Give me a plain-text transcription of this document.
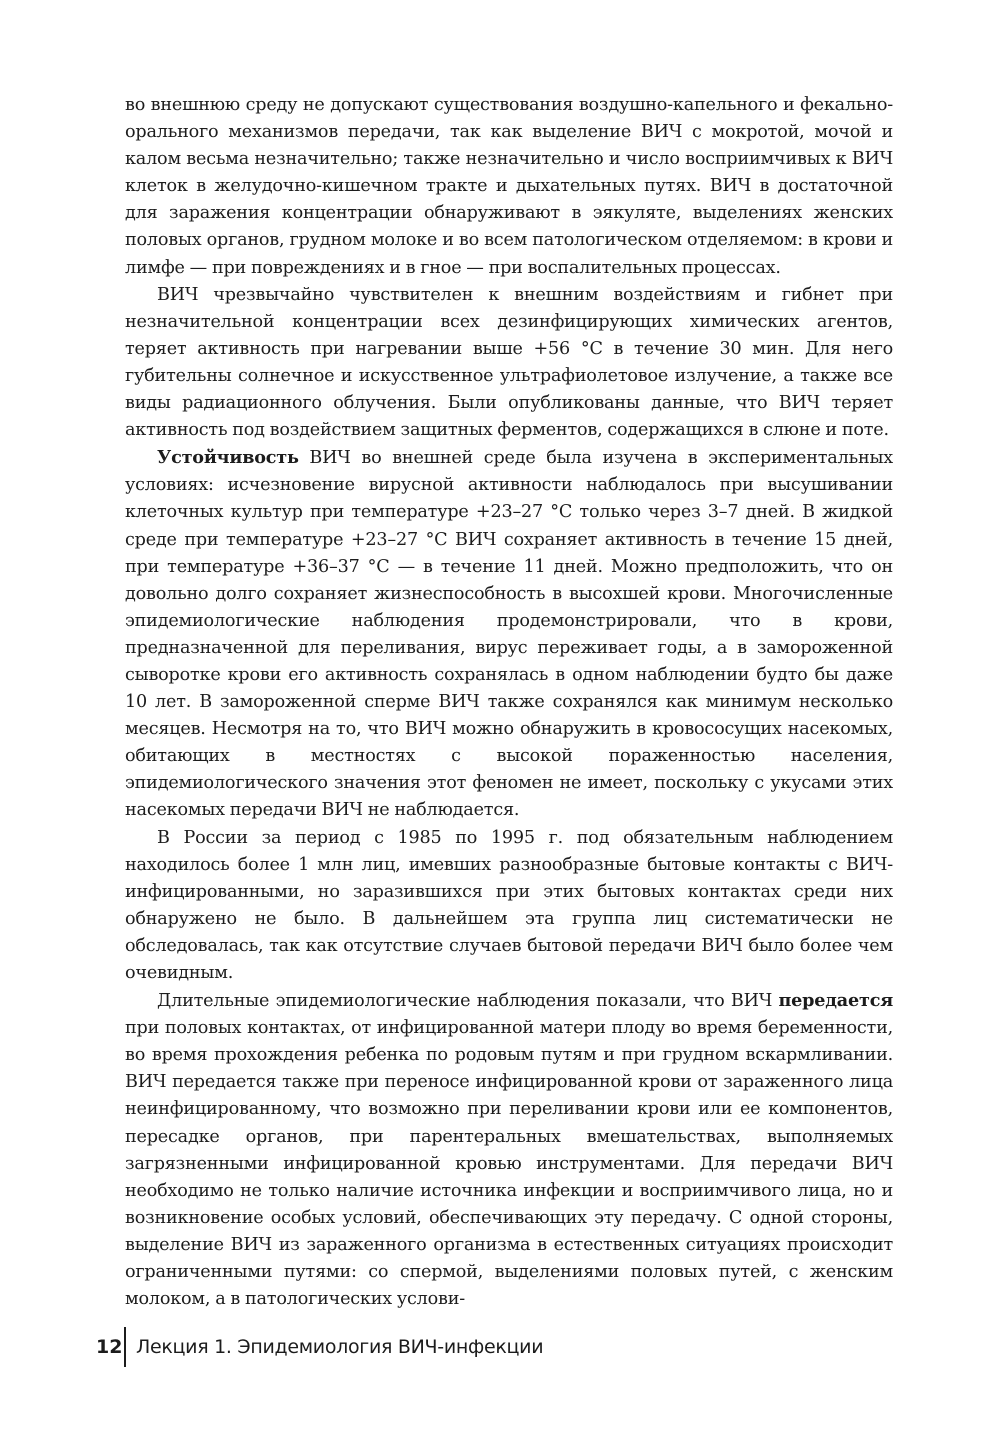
во внешнюю среду не допускают существования воздушно-капельного и фекально-орального механизмов передачи, так как выделение ВИЧ с мокротой, мочой и калом весьма незначительно; также незначительно и число восприимчивых к ВИЧ клеток в желудочно-кишечном тракте и дыхательных путях. ВИЧ в достаточной для заражения концентрации обнаруживают в эякуляте, выделениях женских половых органов, грудном молоке и во всем патологическом отделяемом: в крови и лимфе — при повреждениях и в гное — при воспалительных процессах.

ВИЧ чрезвычайно чувствителен к внешним воздействиям и гибнет при незначительной концентрации всех дезинфицирующих химических агентов, теряет активность при нагревании выше +56 °C в течение 30 мин. Для него губительны солнечное и искусственное ультрафиолетовое излучение, а также все виды радиационного облучения. Были опубликованы данные, что ВИЧ теряет активность под воздействием защитных ферментов, содержащихся в слюне и поте.

Устойчивость ВИЧ во внешней среде была изучена в экспериментальных условиях: исчезновение вирусной активности наблюдалось при высушивании клеточных культур при температуре +23–27 °C только через 3–7 дней. В жидкой среде при температуре +23–27 °C ВИЧ сохраняет активность в течение 15 дней, при температуре +36–37 °C — в течение 11 дней. Можно предположить, что он довольно долго сохраняет жизнеспособность в высохшей крови. Многочисленные эпидемиологические наблюдения продемонстрировали, что в крови, предназначенной для переливания, вирус переживает годы, а в замороженной сыворотке крови его активность сохранялась в одном наблюдении будто бы даже 10 лет. В замороженной сперме ВИЧ также сохранялся как минимум несколько месяцев. Несмотря на то, что ВИЧ можно обнаружить в кровососущих насекомых, обитающих в местностях с высокой пораженностью населения, эпидемиологического значения этот феномен не имеет, поскольку с укусами этих насекомых передачи ВИЧ не наблюдается.

В России за период с 1985 по 1995 г. под обязательным наблюдением находилось более 1 млн лиц, имевших разнообразные бытовые контакты с ВИЧ-инфицированными, но заразившихся при этих бытовых контактах среди них обнаружено не было. В дальнейшем эта группа лиц систематически не обследовалась, так как отсутствие случаев бытовой передачи ВИЧ было более чем очевидным.

Длительные эпидемиологические наблюдения показали, что ВИЧ передается при половых контактах, от инфицированной матери плоду во время беременности, во время прохождения ребенка по родовым путям и при грудном вскармливании. ВИЧ передается также при переносе инфицированной крови от зараженного лица неинфицированному, что возможно при переливании крови или ее компонентов, пересадке органов, при парентеральных вмешательствах, выполняемых загрязненными инфицированной кровью инструментами. Для передачи ВИЧ необходимо не только наличие источника инфекции и восприимчивого лица, но и возникновение особых условий, обеспечивающих эту передачу. С одной стороны, выделение ВИЧ из зараженного организма в естественных ситуациях происходит ограниченными путями: со спермой, выделениями половых путей, с женским молоком, а в патологических услови-

12 Лекция 1. Эпидемиология ВИЧ-инфекции
